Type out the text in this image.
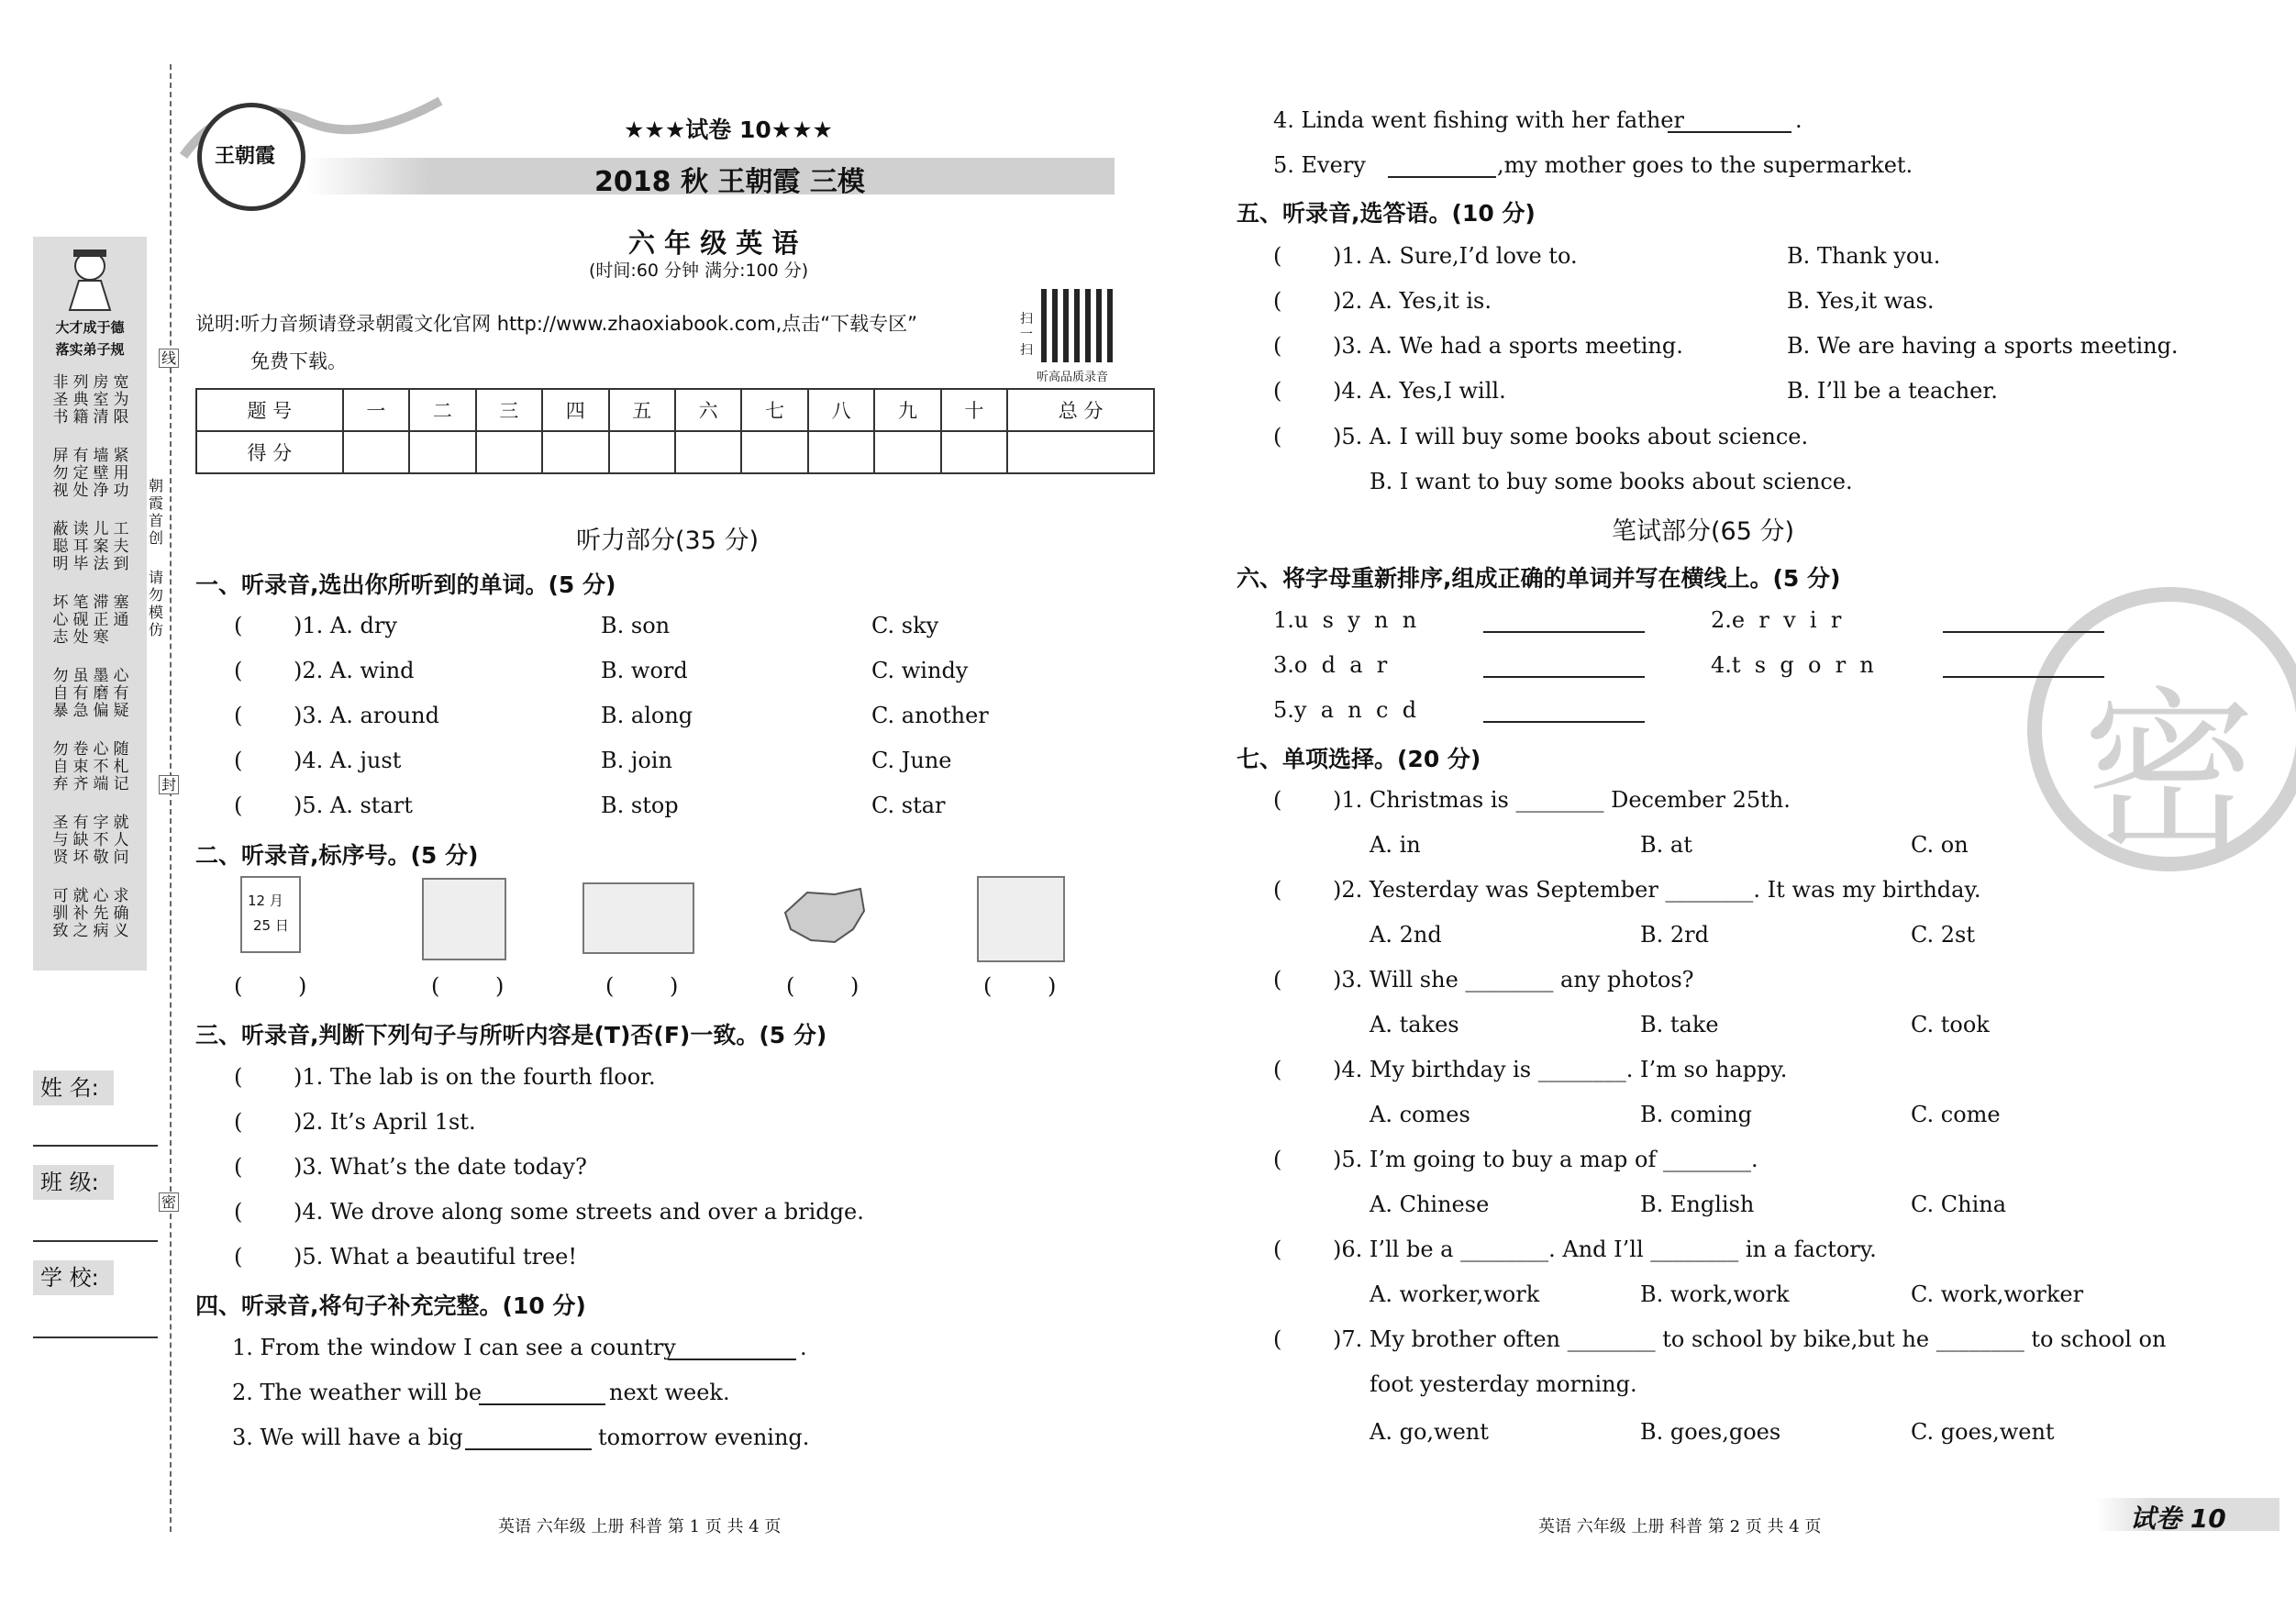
大才成于德
落实弟子规
非圣书
列典籍
房室清
宽为限
屏勿视
有定处
墙壁净
紧用功
蔽聪明
读耳毕
儿案法
工夫到
坏心志
笔砚处
滞正寒
塞通
勿自暴
虽有急
墨磨偏
心有疑
勿自弃
卷束齐
心不端
随札记
圣与贤
有缺坏
字不敬
就人问
可驯致
就补之
心先病
求确义
线
朝霞首创
请勿模仿
封
密
姓 名:
班 级:
学 校:
王朝霞
★★★试卷 10★★★
2018 秋 王朝霞 三模
六 年 级 英 语
(时间:60 分钟 满分:100 分)
说明:听力音频请登录朝霞文化官网 http://www.zhaoxiabook.com,点击“下载专区”
免费下载。
扫一扫
听高品质录音
题 号	一	二	三	四	五	六	七	八	九	十	总 分
得 分											
听力部分(35 分)
一、听录音,选出你所听到的单词。(5 分)
二、听录音,标序号。(5 分)
12 月
25 日
三、听录音,判断下列句子与所听内容是(T)否(F)一致。(5 分)
四、听录音,将句子补充完整。(10 分)
英语 六年级 上册 科普 第 1 页 共 4 页
密
五、听录音,选答语。(10 分)
笔试部分(65 分)
六、将字母重新排序,组成正确的单词并写在横线上。(5 分)
七、单项选择。(20 分)
英语 六年级 上册 科普 第 2 页 共 4 页	试卷 10
(   )1. A. dry	B. son	C. sky
(   )2. A. wind	B. word	C. windy
(   )3. A. around	B. along	C. another
(   )4. A. just	B. join	C. June
(   )5. A. start	B. stop	C. star
(   )	(   )	(   )	(   )	(   )
(   )1. The lab is on the fourth floor.
(   )2. It’s April 1st.
(   )3. What’s the date today?
(   )4. We drove along some streets and over a bridge.
(   )5. What a beautiful tree!
1. From the window I can see a country	.
2. The weather will be	next week.
3. We will have a big	tomorrow evening.
4. Linda went fishing with her father	.
5. Every	,my mother goes to the supermarket.
(   )1. A. Sure,I’d love to.	B. Thank you.
(   )2. A. Yes,it is.	B. Yes,it was.
(   )3. A. We had a sports meeting.	B. We are having a sports meeting.
(   )4. A. Yes,I will.	B. I’ll be a teacher.
(   )5. A. I will buy some books about science.
B. I want to buy some books about science.
1.u  s  y  n  n	2.e  r  v  i  r
3.o  d  a  r	4.t  s  g  o  r  n
5.y  a  n  c  d
(   )1. Christmas is ________ December 25th.
A. in	B. at	C. on
(   )2. Yesterday was September ________. It was my birthday.
A. 2nd	B. 2rd	C. 2st
(   )3. Will she ________ any photos?
A. takes	B. take	C. took
(   )4. My birthday is ________. I’m so happy.
A. comes	B. coming	C. come
(   )5. I’m going to buy a map of ________.
A. Chinese	B. English	C. China
(   )6. I’ll be a ________. And I’ll ________ in a factory.
A. worker,work	B. work,work	C. work,worker
(   )7. My brother often ________ to school by bike,but he ________ to school on
foot yesterday morning.
A. go,went	B. goes,goes	C. goes,went
